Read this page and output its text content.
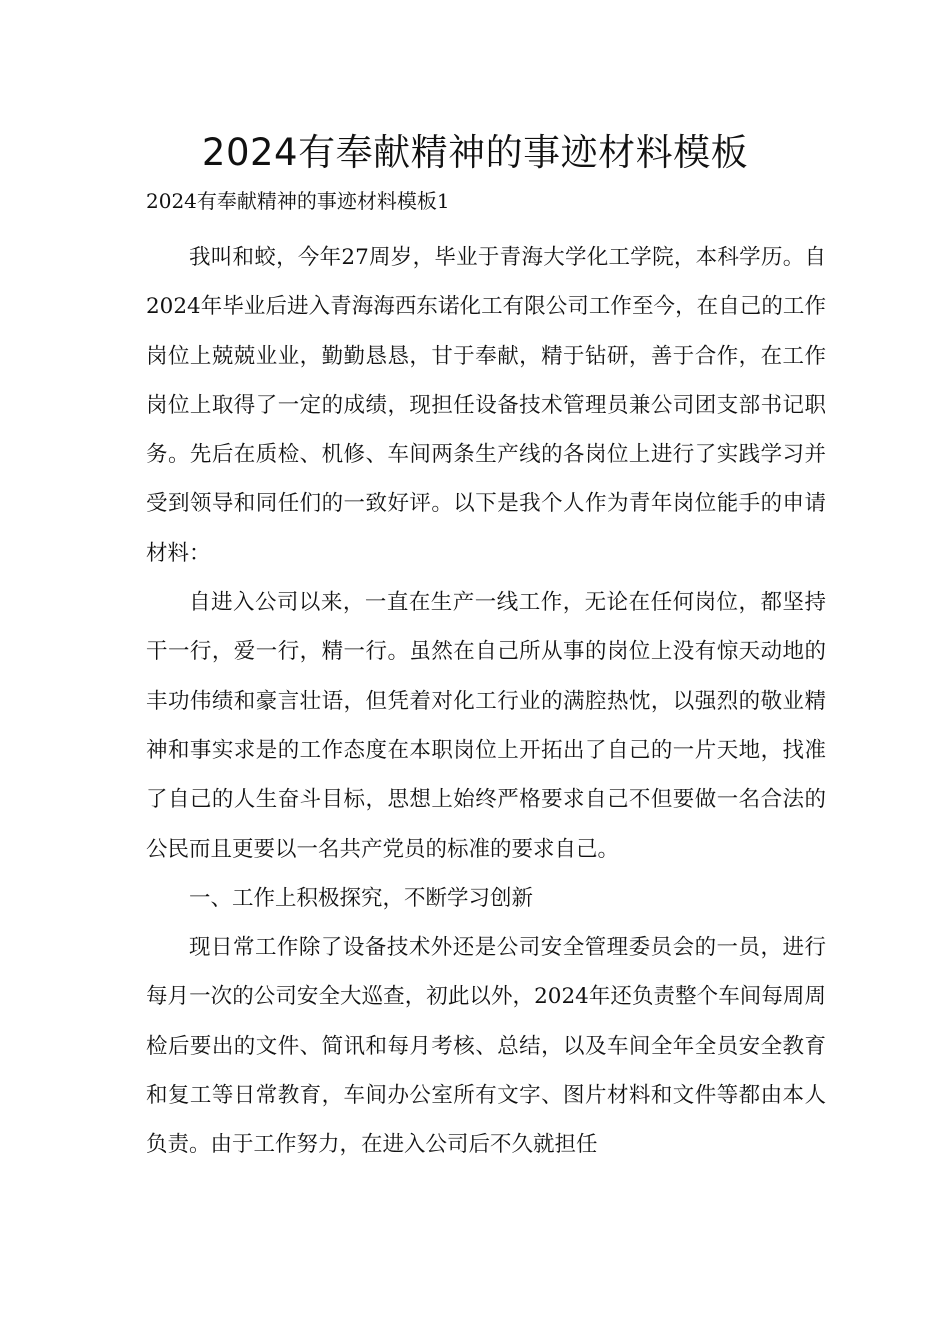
2024有奉献精神的事迹材料模板

2024有奉献精神的事迹材料模板1

我叫和蛟，今年27周岁，毕业于青海大学化工学院，本科学历。自2024年毕业后进入青海海西东诺化工有限公司工作至今，在自己的工作岗位上兢兢业业，勤勤恳恳，甘于奉献，精于钻研，善于合作，在工作岗位上取得了一定的成绩，现担任设备技术管理员兼公司团支部书记职务。先后在质检、机修、车间两条生产线的各岗位上进行了实践学习并受到领导和同任们的一致好评。以下是我个人作为青年岗位能手的申请材料：

自进入公司以来，一直在生产一线工作，无论在任何岗位，都坚持干一行，爱一行，精一行。虽然在自己所从事的岗位上没有惊天动地的丰功伟绩和豪言壮语，但凭着对化工行业的满腔热忱，以强烈的敬业精神和事实求是的工作态度在本职岗位上开拓出了自己的一片天地，找准了自己的人生奋斗目标，思想上始终严格要求自己不但要做一名合法的公民而且更要以一名共产党员的标准的要求自己。

一、工作上积极探究，不断学习创新

现日常工作除了设备技术外还是公司安全管理委员会的一员，进行每月一次的公司安全大巡查，初此以外，2024年还负责整个车间每周周检后要出的文件、简讯和每月考核、总结，以及车间全年全员安全教育和复工等日常教育，车间办公室所有文字、图片材料和文件等都由本人负责。由于工作努力，在进入公司后不久就担任
